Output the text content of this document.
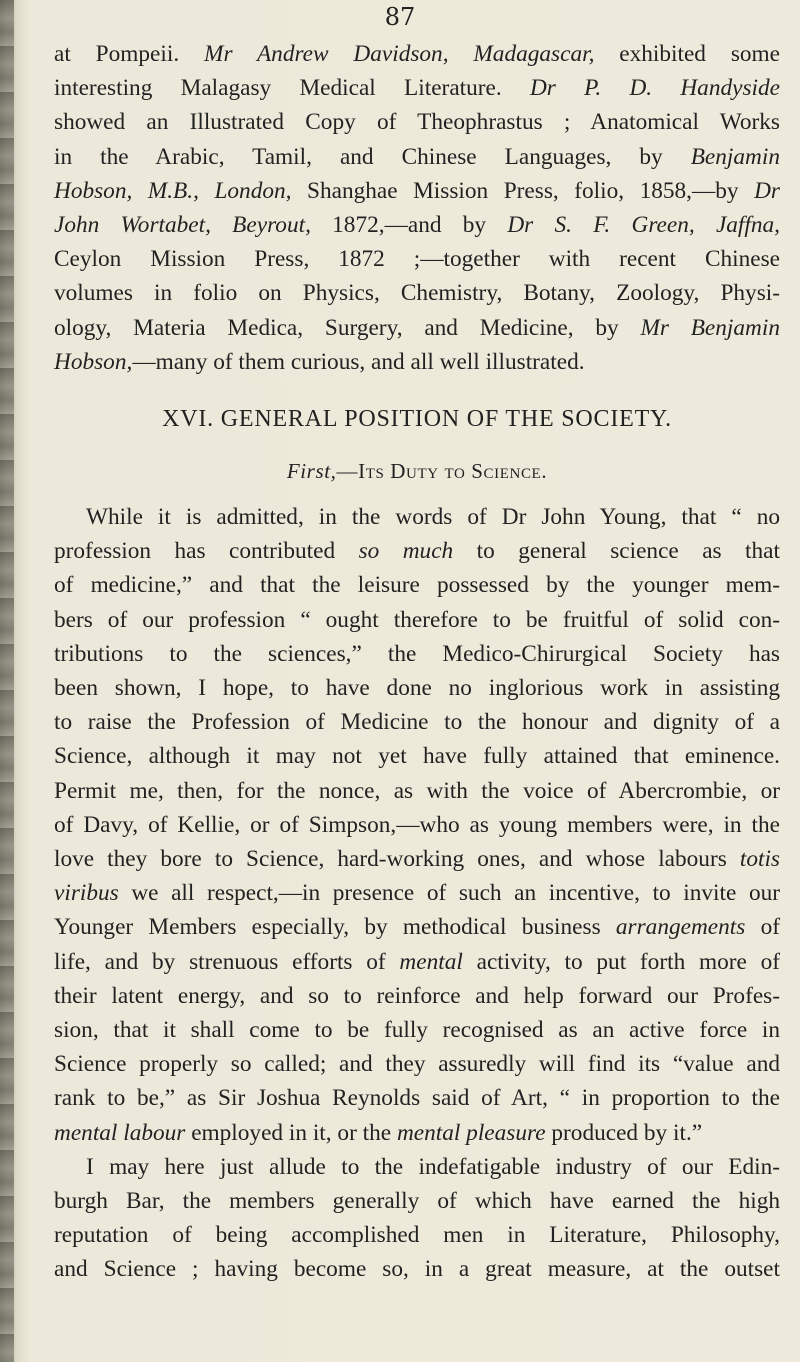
87
at Pompeii. Mr Andrew Davidson, Madagascar, exhibited some
interesting Malagasy Medical Literature. Dr P. D. Handyside
showed an Illustrated Copy of Theophrastus ; Anatomical Works
in the Arabic, Tamil, and Chinese Languages, by Benjamin
Hobson, M.B., London, Shanghae Mission Press, folio, 1858,—by Dr
John Wortabet, Beyrout, 1872,—and by Dr S. F. Green, Jaffna,
Ceylon Mission Press, 1872 ;—together with recent Chinese
volumes in folio on Physics, Chemistry, Botany, Zoology, Physi-
ology, Materia Medica, Surgery, and Medicine, by Mr Benjamin
Hobson,—many of them curious, and all well illustrated.
XVI. GENERAL POSITION OF THE SOCIETY.
First,—Its Duty to Science.
While it is admitted, in the words of Dr John Young, that “ no
profession has contributed so much to general science as that
of medicine,” and that the leisure possessed by the younger mem-
bers of our profession “ ought therefore to be fruitful of solid con-
tributions to the sciences,” the Medico-Chirurgical Society has
been shown, I hope, to have done no inglorious work in assisting
to raise the Profession of Medicine to the honour and dignity of a
Science, although it may not yet have fully attained that eminence.
Permit me, then, for the nonce, as with the voice of Abercrombie, or
of Davy, of Kellie, or of Simpson,—who as young members were, in the
love they bore to Science, hard-working ones, and whose labours totis
viribus we all respect,—in presence of such an incentive, to invite our
Younger Members especially, by methodical business arrangements of
life, and by strenuous efforts of mental activity, to put forth more of
their latent energy, and so to reinforce and help forward our Profes-
sion, that it shall come to be fully recognised as an active force in
Science properly so called; and they assuredly will find its “value and
rank to be,” as Sir Joshua Reynolds said of Art, “ in proportion to the
mental labour employed in it, or the mental pleasure produced by it.”
I may here just allude to the indefatigable industry of our Edin-
burgh Bar, the members generally of which have earned the high
reputation of being accomplished men in Literature, Philosophy,
and Science ; having become so, in a great measure, at the outset
